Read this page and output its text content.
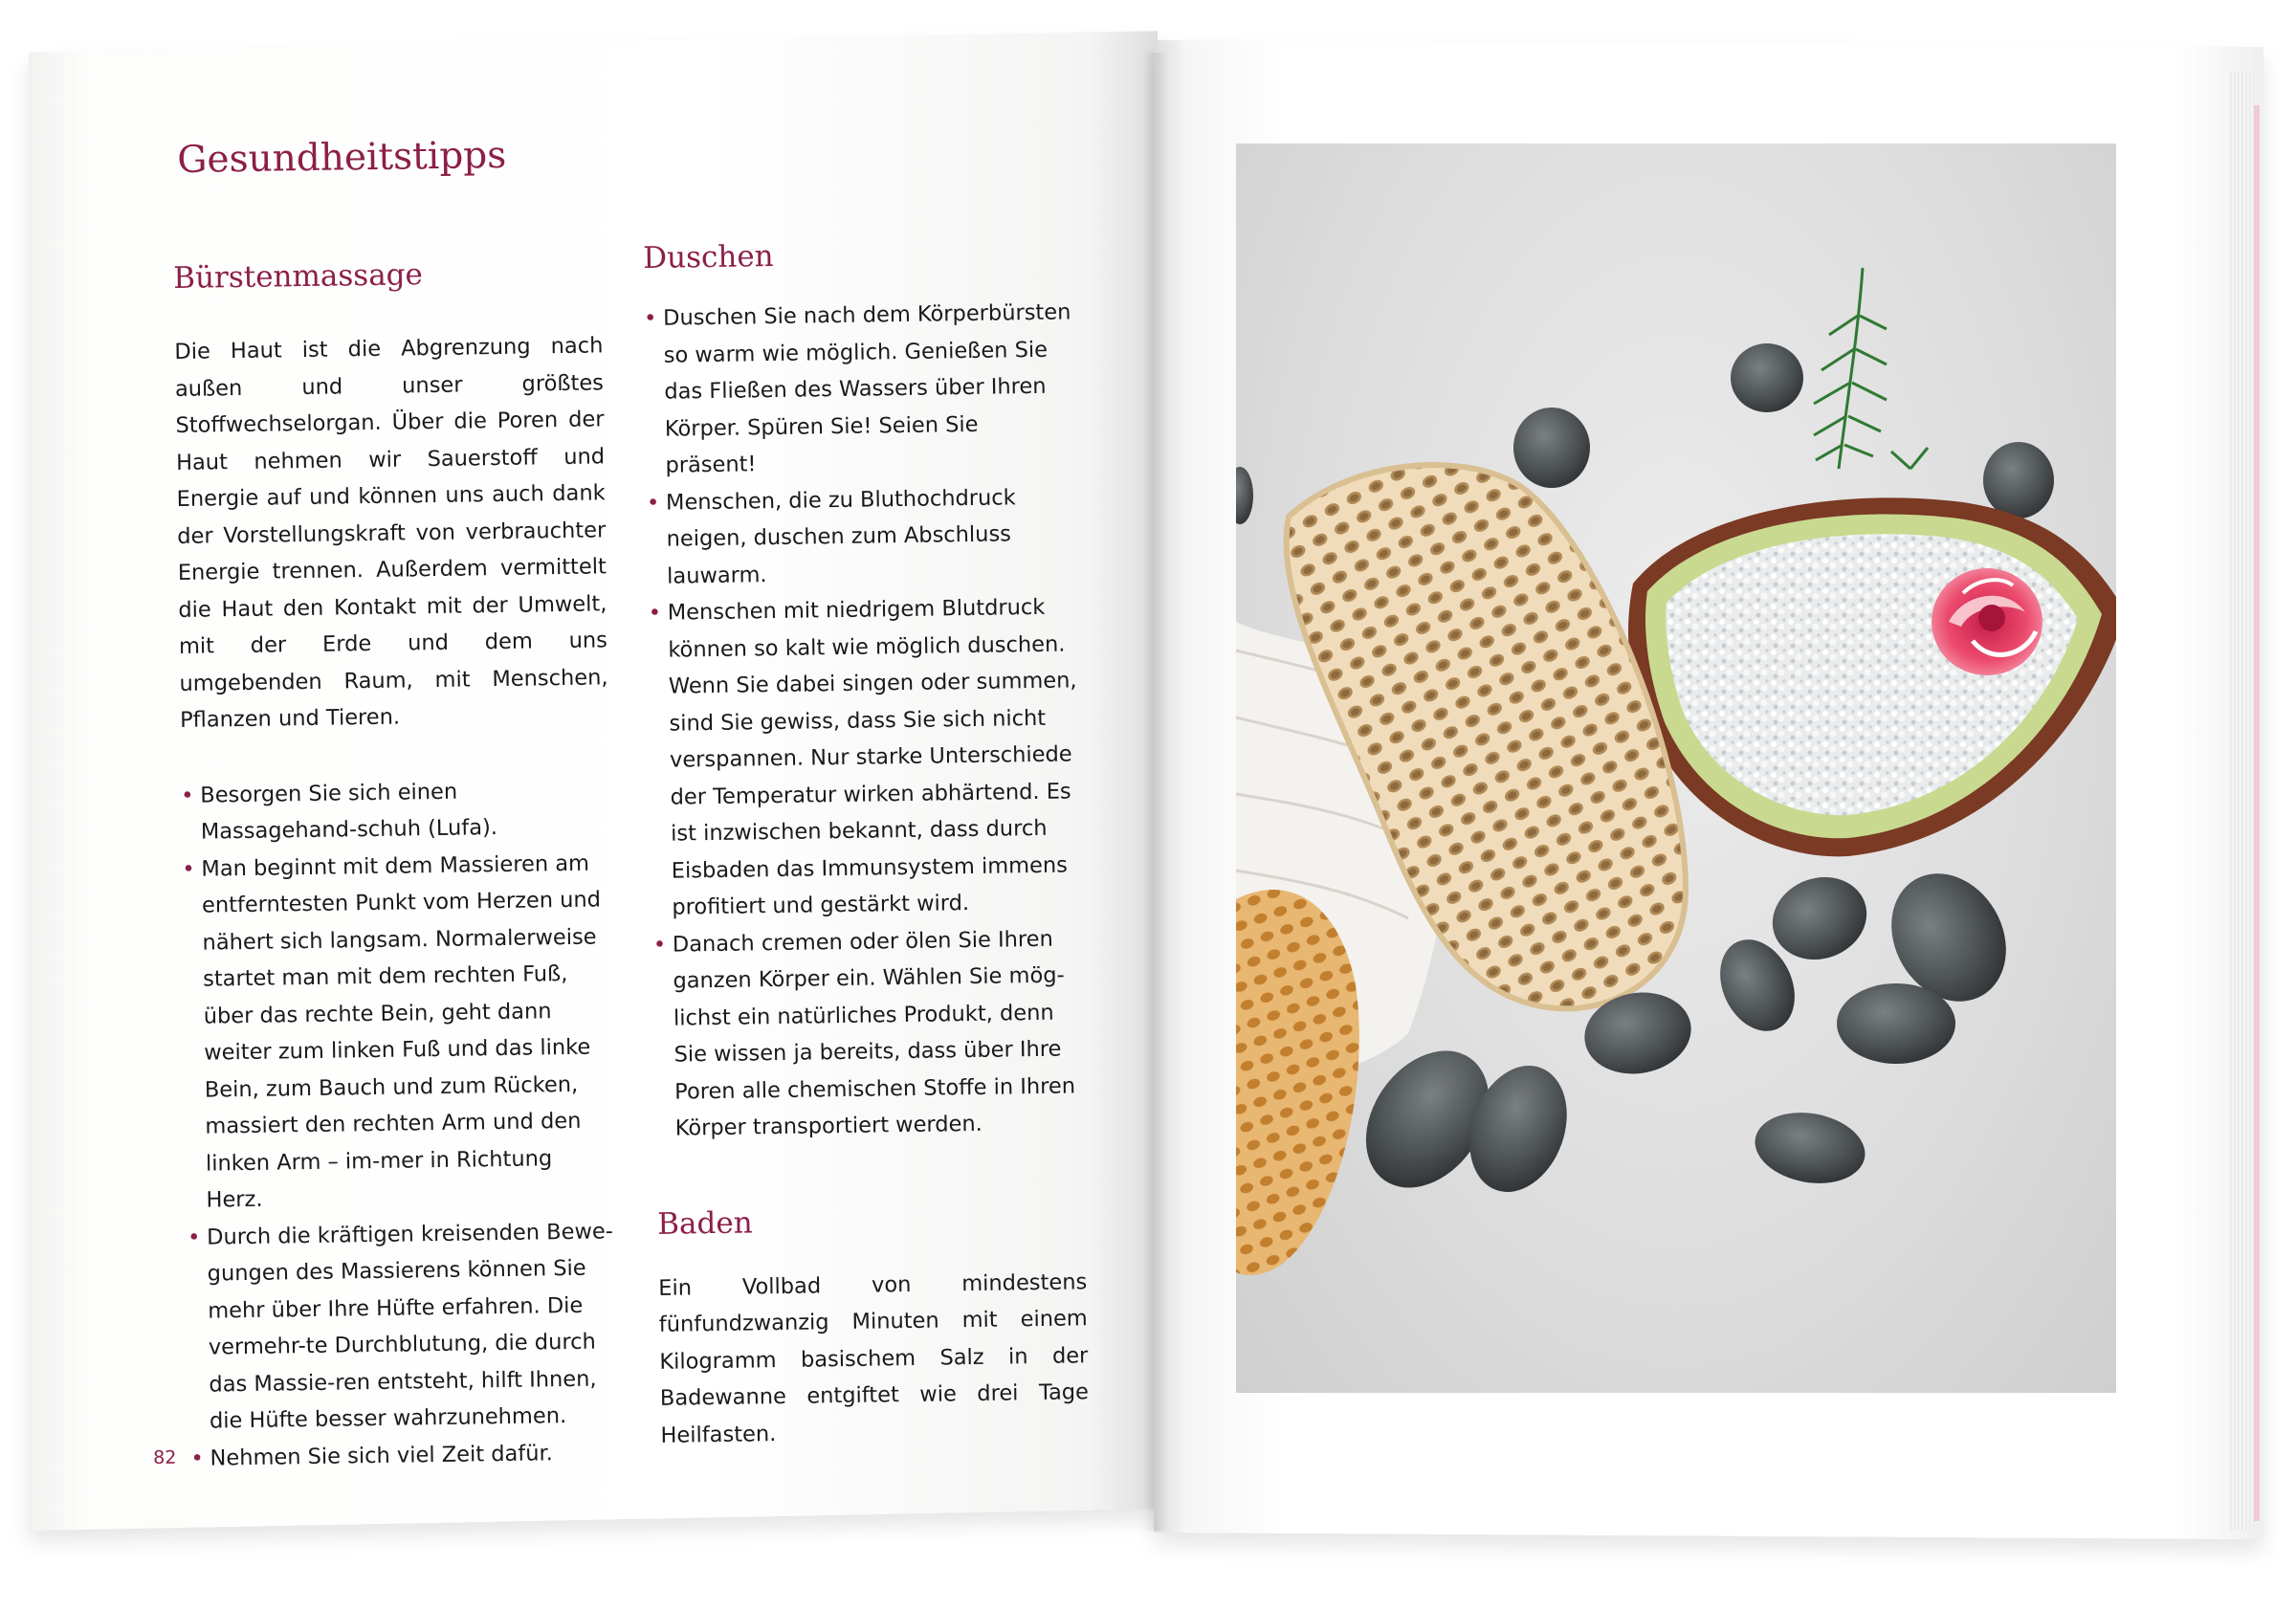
Gesundheitstipps
Bürstenmassage

Die Haut ist die Abgrenzung nach außen und unser größtes Stoffwechselorgan. Über die Poren der Haut nehmen wir Sauerstoff und Energie auf und können uns auch dank der Vorstellungskraft von verbrauchter Energie trennen. Außerdem vermittelt die Haut den Kontakt mit der Umwelt, mit der Erde und dem uns umgebenden Raum, mit Menschen, Pflanzen und Tieren.

• Besorgen Sie sich einen Massagehand-schuh (Lufa).
• Man beginnt mit dem Massieren am entferntesten Punkt vom Herzen und nähert sich langsam. Normalerweise startet man mit dem rechten Fuß, über das rechte Bein, geht dann weiter zum linken Fuß und das linke Bein, zum Bauch und zum Rücken, massiert den rechten Arm und den linken Arm – im-mer in Richtung Herz.
• Durch die kräftigen kreisenden Bewe-gungen des Massierens können Sie mehr über Ihre Hüfte erfahren. Die vermehr-te Durchblutung, die durch das Massie-ren entsteht, hilft Ihnen, die Hüfte besser wahrzunehmen.
• Nehmen Sie sich viel Zeit dafür.
Duschen
• Duschen Sie nach dem Körperbürsten so warm wie möglich. Genießen Sie das Fließen des Wassers über Ihren Körper. Spüren Sie! Seien Sie präsent!
• Menschen, die zu Bluthochdruck neigen, duschen zum Abschluss lauwarm.
• Menschen mit niedrigem Blutdruck können so kalt wie möglich duschen. Wenn Sie dabei singen oder summen, sind Sie gewiss, dass Sie sich nicht verspannen. Nur starke Unterschiede der Temperatur wirken abhärtend. Es ist inzwischen bekannt, dass durch Eisbaden das Immunsystem immens profitiert und gestärkt wird.
• Danach cremen oder ölen Sie Ihren ganzen Körper ein. Wählen Sie mög-lichst ein natürliches Produkt, denn Sie wissen ja bereits, dass über Ihre Poren alle chemischen Stoffe in Ihren Körper transportiert werden.
Baden

Ein Vollbad von mindestens fünfundzwanzig Minuten mit einem Kilogramm basischem Salz in der Badewanne entgiftet wie drei Tage Heilfasten.

82
